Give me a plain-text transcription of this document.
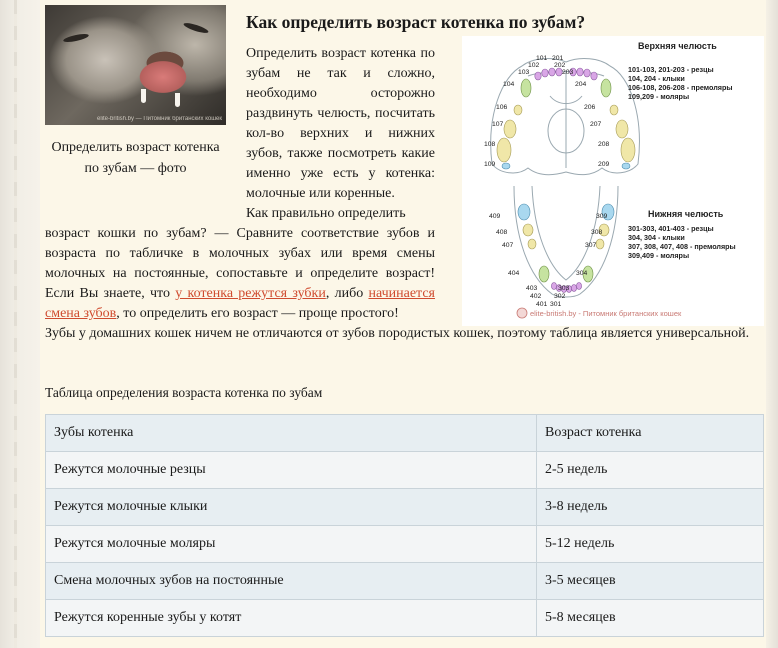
elite-british.by — Питомник британских кошек
Определить возраст котенка по зубам — фото
Как определить возраст котенка по зубам?

Определить возраст котенка по зубам не так и сложно, необходимо осторожно раздвинуть челюсть, посчитать кол-во верхних и нижних зубов, также посмотреть какие именно уже есть у котенка: молочные или коренные.

101 201
102 202
103	203
104	204
106	206
107	207
108	208
109	209
409	309
408	308
407	307
404	304
403	303
402 302
401 301
Верхняя челюсть
101-103, 201-203 - резцы
104, 204 - клыки
106-108, 206-208 - премоляры
109,209 - моляры
Нижняя челюсть
301-303, 401-403 - резцы
304, 304 - клыки
307, 308, 407, 408 - премоляры
309,409 - моляры
elite-british.by - Питомник британских кошек

Как правильно определить
возраст кошки по зубам? — Сравните соответствие зубов и возраста по табличке в молочных зубах или время смены молочных на постоянные, сопоставьте и определите возраст! Если Вы знаете, что у котенка режутся зубки, либо начинается смена зубов, то определить его возраст — проще простого!

Зубы у домашних кошек ничем не отличаются от зубов породистых кошек, поэтому таблица является универсальной.

Таблица определения возраста котенка по зубам
Зубы котенка	Возраст котенка
Режутся молочные резцы	2-5 недель
Режутся молочные клыки	3-8 недель
Режутся молочные моляры	5-12 недель
Смена молочных зубов на постоянные	3-5 месяцев
Режутся коренные зубы у котят	5-8 месяцев
